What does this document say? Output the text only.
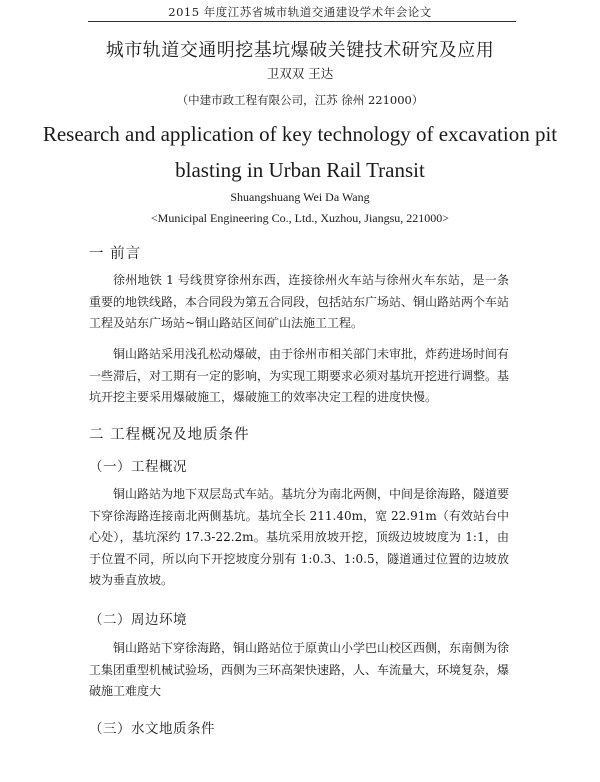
2015 年度江苏省城市轨道交通建设学术年会论文
城市轨道交通明挖基坑爆破关键技术研究及应用
卫双双 王达
（中建市政工程有限公司，江苏 徐州 221000）
Research and application of key technology of excavation pit
blasting in Urban Rail Transit
Shuangshuang Wei Da Wang
<Municipal Engineering Co., Ltd., Xuzhou, Jiangsu, 221000>
一 前言

徐州地铁 1 号线贯穿徐州东西，连接徐州火车站与徐州火车东站，是一条重要的地铁线路，本合同段为第五合同段，包括站东广场站、铜山路站两个车站工程及站东广场站~铜山路站区间矿山法施工工程。

铜山路站采用浅孔松动爆破，由于徐州市相关部门未审批，炸药进场时间有一些滞后，对工期有一定的影响，为实现工期要求必须对基坑开挖进行调整。基坑开挖主要采用爆破施工，爆破施工的效率决定工程的进度快慢。

二 工程概况及地质条件
（一）工程概况

铜山路站为地下双层岛式车站。基坑分为南北两侧，中间是徐海路，隧道要下穿徐海路连接南北两侧基坑。基坑全长 211.40m，宽 22.91m（有效站台中心处），基坑深约 17.3-22.2m。基坑采用放坡开挖，顶级边坡坡度为 1:1，由于位置不同，所以向下开挖坡度分别有 1:0.3、1:0.5，隧道通过位置的边坡放坡为垂直放坡。

（二）周边环境

铜山路站下穿徐海路，铜山路站位于原黄山小学巴山校区西侧，东南侧为徐工集团重型机械试验场，西侧为三环高架快速路，人、车流量大，环境复杂，爆破施工难度大

（三）水文地质条件
